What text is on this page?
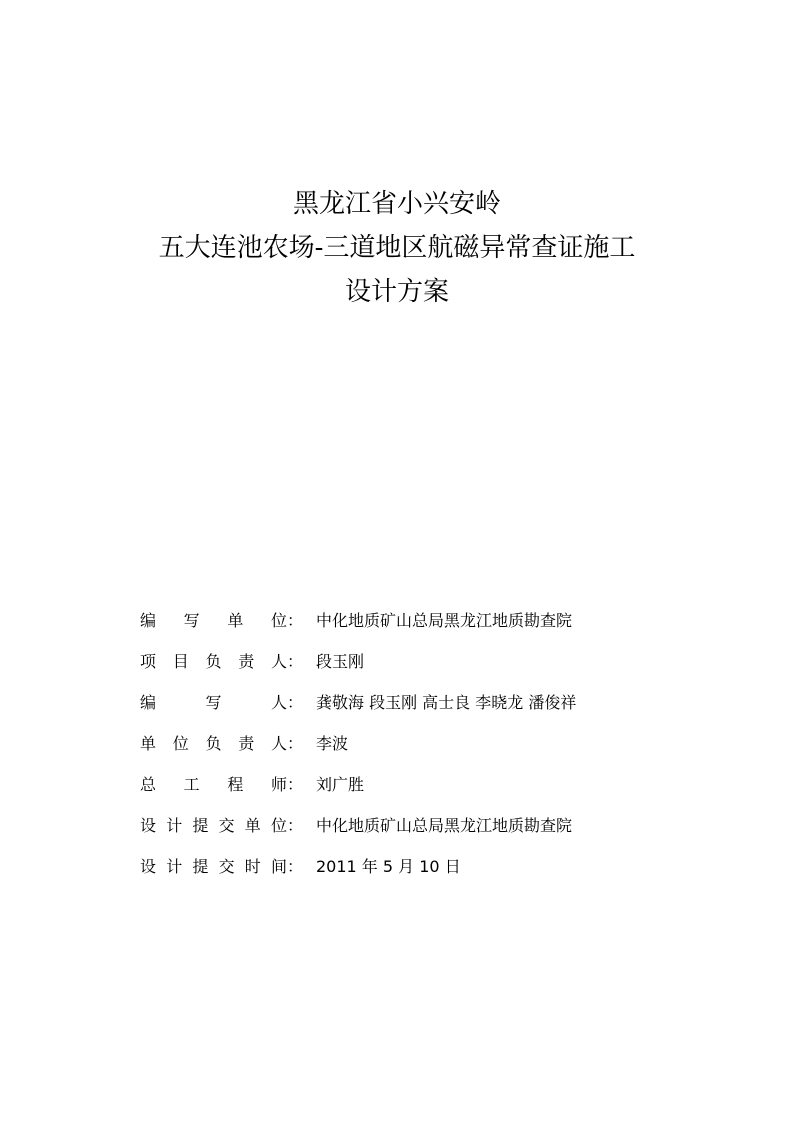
黑龙江省小兴安岭
五大连池农场-三道地区航磁异常查证施工
设计方案
编 写 单 位： 中化地质矿山总局黑龙江地质勘查院
项 目 负 责 人： 段玉刚
编	写	人： 龚敬海 段玉刚 高士良 李晓龙 潘俊祥
单 位 负 责 人： 李波
总 工 程 师： 刘广胜
设 计 提 交 单 位： 中化地质矿山总局黑龙江地质勘查院
设 计 提 交 时 间： 2011 年 5 月 10 日
